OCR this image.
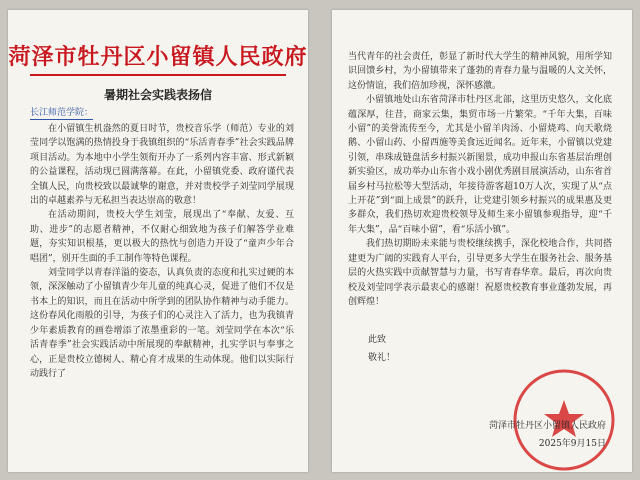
菏泽市牡丹区小留镇人民政府
暑期社会实践表扬信
长江师范学院：

在小留镇生机盎然的夏日时节，贵校音乐学（师范）专业的刘莹同学以饱满的热情投身于我镇组织的“乐活青春季”社会实践品牌项目活动。为本地中小学生领衔开办了一系列内容丰富、形式新颖的公益课程，活动现已圆满落幕。在此，小留镇党委、政府谨代表全镇人民，向贵校致以最诚挚的谢意，并对贵校学子刘莹同学展现出的卓越素养与无私担当表达崇高的敬意！

在活动期间，贵校大学生刘莹，展现出了“奉献、友爱、互助、进步”的志愿者精神，不仅耐心细致地为孩子们解答学业难题，夯实知识根基，更以极大的热忱与创造力开设了“童声少年合唱团”，别开生面的手工制作等特色课程。

刘莹同学以青春洋溢的姿态，认真负责的态度和扎实过硬的本领，深深触动了小留镇青少年儿童的纯真心灵，促进了他们不仅是书本上的知识，而且在活动中所学到的团队协作精神与动手能力。这份春风化雨般的引导，为孩子们的心灵注入了活力，也为我镇青少年素质教育的画卷增添了浓墨重彩的一笔。刘莹同学在本次“乐活青春季”社会实践活动中所展现的奉献精神，扎实学识与奉事之心，正是贵校立德树人、精心育才成果的生动体现。他们以实际行动践行了

当代青年的社会责任，彰显了新时代大学生的精神风貌，用所学知识回馈乡村，为小留镇带来了蓬勃的青春力量与温暖的人文关怀，这份情谊，我们倍加珍视，深怀感激。

小留镇地处山东省菏泽市牡丹区北部，这里历史悠久，文化底蕴深厚，往昔，商家云集，集贸市场一片繁荣。“千年大集，百味小留”的美誉流传至今，尤其是小留羊肉汤、小留烧鸡、向天歌烧鹅、小留山药、小留西施等美食远近闻名。近年来，小留镇以党建引领，串珠成链盘活乡村振兴新图景，成功申报山东省基层治理创新实验区，成功举办山东省小戏小剧优秀剧目展演活动，山东省首届乡村马拉松等大型活动，年接待游客超10万人次，实现了从“点上开花”到“面上成景”的跃升，让党建引领乡村振兴的成果惠及更多群众，我们热切欢迎贵校领导及师生来小留镇参观指导，迎“千年大集”，品“百味小留”，看“乐活小镇”。

我们热切期盼未来能与贵校继续携手，深化校地合作，共同搭建更为广阔的实践育人平台，引导更多大学生在服务社会、服务基层的火热实践中贡献智慧与力量，书写青春华章。最后，再次向贵校及刘莹同学表示最衷心的感谢！祝愿贵校教育事业蓬勃发展，再创辉煌！

此致
敬礼！
菏泽市牡丹区小留镇人民政府
2025年9月15日
